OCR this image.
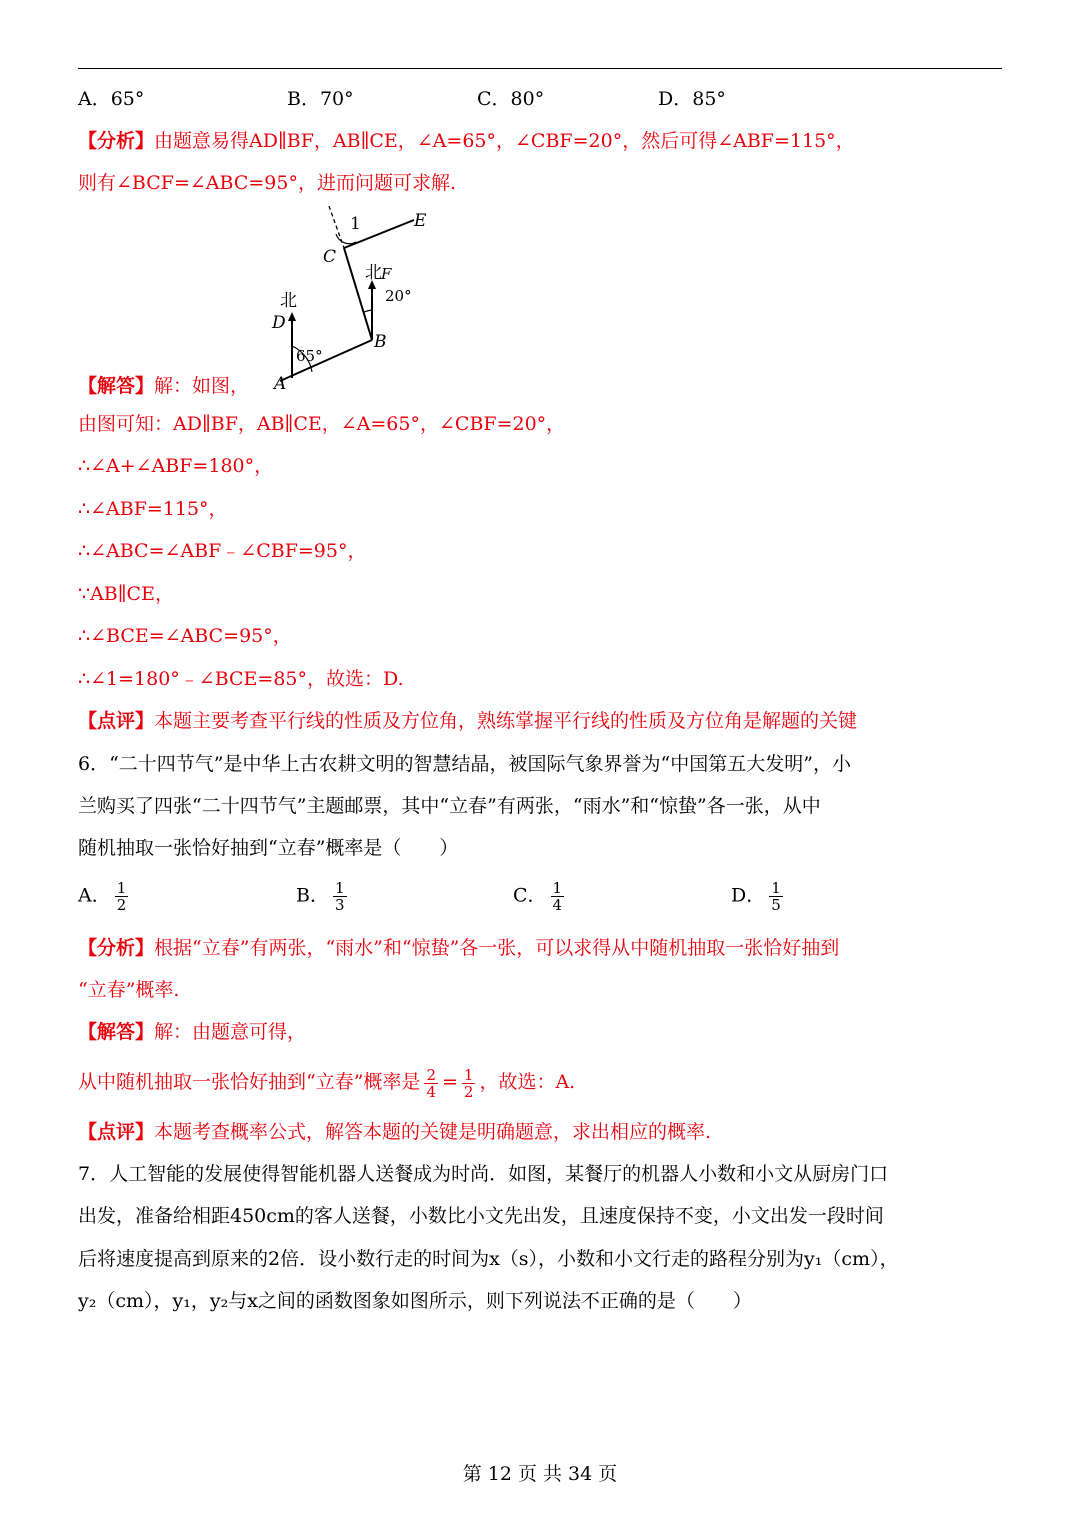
A．65°	B．70°	C．80°	D．85°
【分析】由题意易得AD∥BF，AB∥CE，∠A=65°，∠CBF=20°，然后可得∠ABF=115°，
则有∠BCF=∠ABC=95°，进而问题可求解.
1	E
C
北 F
20°
北
D
B
65°
A
【解答】解：如图，
由图可知：AD∥BF，AB∥CE，∠A=65°，∠CBF=20°，
∴∠A+∠ABF=180°，
∴∠ABF=115°，
∴∠ABC=∠ABF﹣∠CBF=95°，
∵AB∥CE，
∴∠BCE=∠ABC=95°，
∴∠1=180°﹣∠BCE=85°，故选：D.
【点评】本题主要考查平行线的性质及方位角，熟练掌握平行线的性质及方位角是解题的关键
6．“二十四节气”是中华上古农耕文明的智慧结晶，被国际气象界誉为“中国第五大发明”，小
兰购买了四张“二十四节气”主题邮票，其中“立春”有两张，“雨水”和“惊蛰”各一张，从中
随机抽取一张恰好抽到“立春”概率是（　　）
A． $\frac{1}{2}$	B． $\frac{1}{3}$	C． $\frac{1}{4}$	D． $\frac{1}{5}$
【分析】根据“立春”有两张，“雨水”和“惊蛰”各一张，可以求得从中随机抽取一张恰好抽到
“立春”概率.
【解答】解：由题意可得，
从中随机抽取一张恰好抽到“立春”概率是 $\frac{2}{4} = \frac{1}{2}$ ，故选：A.
【点评】本题考查概率公式，解答本题的关键是明确题意，求出相应的概率.
7．人工智能的发展使得智能机器人送餐成为时尚．如图，某餐厅的机器人小数和小文从厨房门口
出发，准备给相距450cm的客人送餐，小数比小文先出发，且速度保持不变，小文出发一段时间
后将速度提高到原来的2倍．设小数行走的时间为x（s），小数和小文行走的路程分别为y₁（cm），
y₂（cm），y₁，y₂与x之间的函数图象如图所示，则下列说法不正确的是（　　）
第 12 页 共 34 页
